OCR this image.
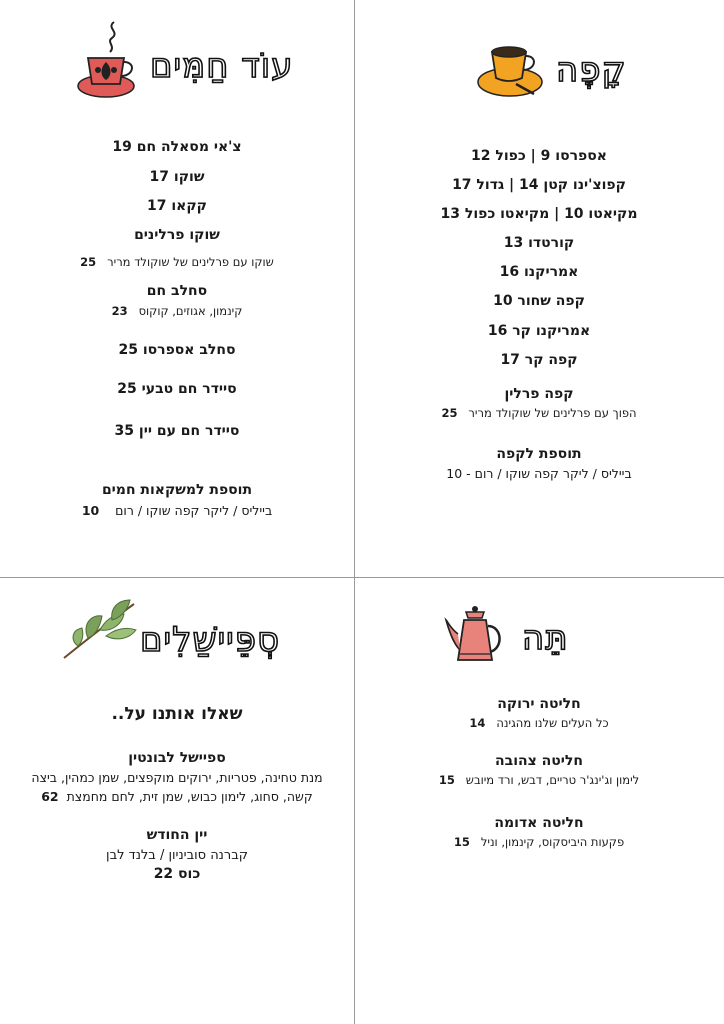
עוֹד חַמִּים
צ'אי מסאלה חם 19
שוקו 17
קקאו 17
שוקו פרלינים
שוקו עם פרלינים של שוקולד מריר   25
סחלב חם
קינמון, אגוזים, קוקוס   23
סחלב אספרסו 25
סיידר חם טבעי 25
סיידר חם עם יין 35
תוספת למשקאות חמים
בייליס / ליקר קפה שוקו / רום    10
קָפֶה
אספרסו 9 | כפול 12
קפוצ'ינו קטן 14 | גדול 17
מקיאטו 10 | מקיאטו כפול 13
קורטדו 13
אמריקנו 16
קפה שחור 10
אמריקנו קר 16
קפה קר 17
קפה פרלין
הפוך עם פרלינים של שוקולד מריר   25
תוספת לקפה
בייליס / ליקר קפה שוקו / רום - 10
סְפֵּיישַׁלִים
שאלו אותנו על..
ספיישל לבונטין
מנת טחינה, פטריות, ירוקים מוקפצים, שמן כמהין, ביצה
קשה, סחוג, לימון כבוש, שמן זית, לחם מחמצת  62
יין החודש
קברנה סוביניון / בלנד לבן
כוס 22
תֵּה
חליטה ירוקה
כל העלים שלנו מהגינה   14
חליטה צהובה
לימון וג'ינג'ר טריים, דבש, ורד מיובש   15
חליטה אדומה
פקעות היביסקוס, קינמון, וניל   15
